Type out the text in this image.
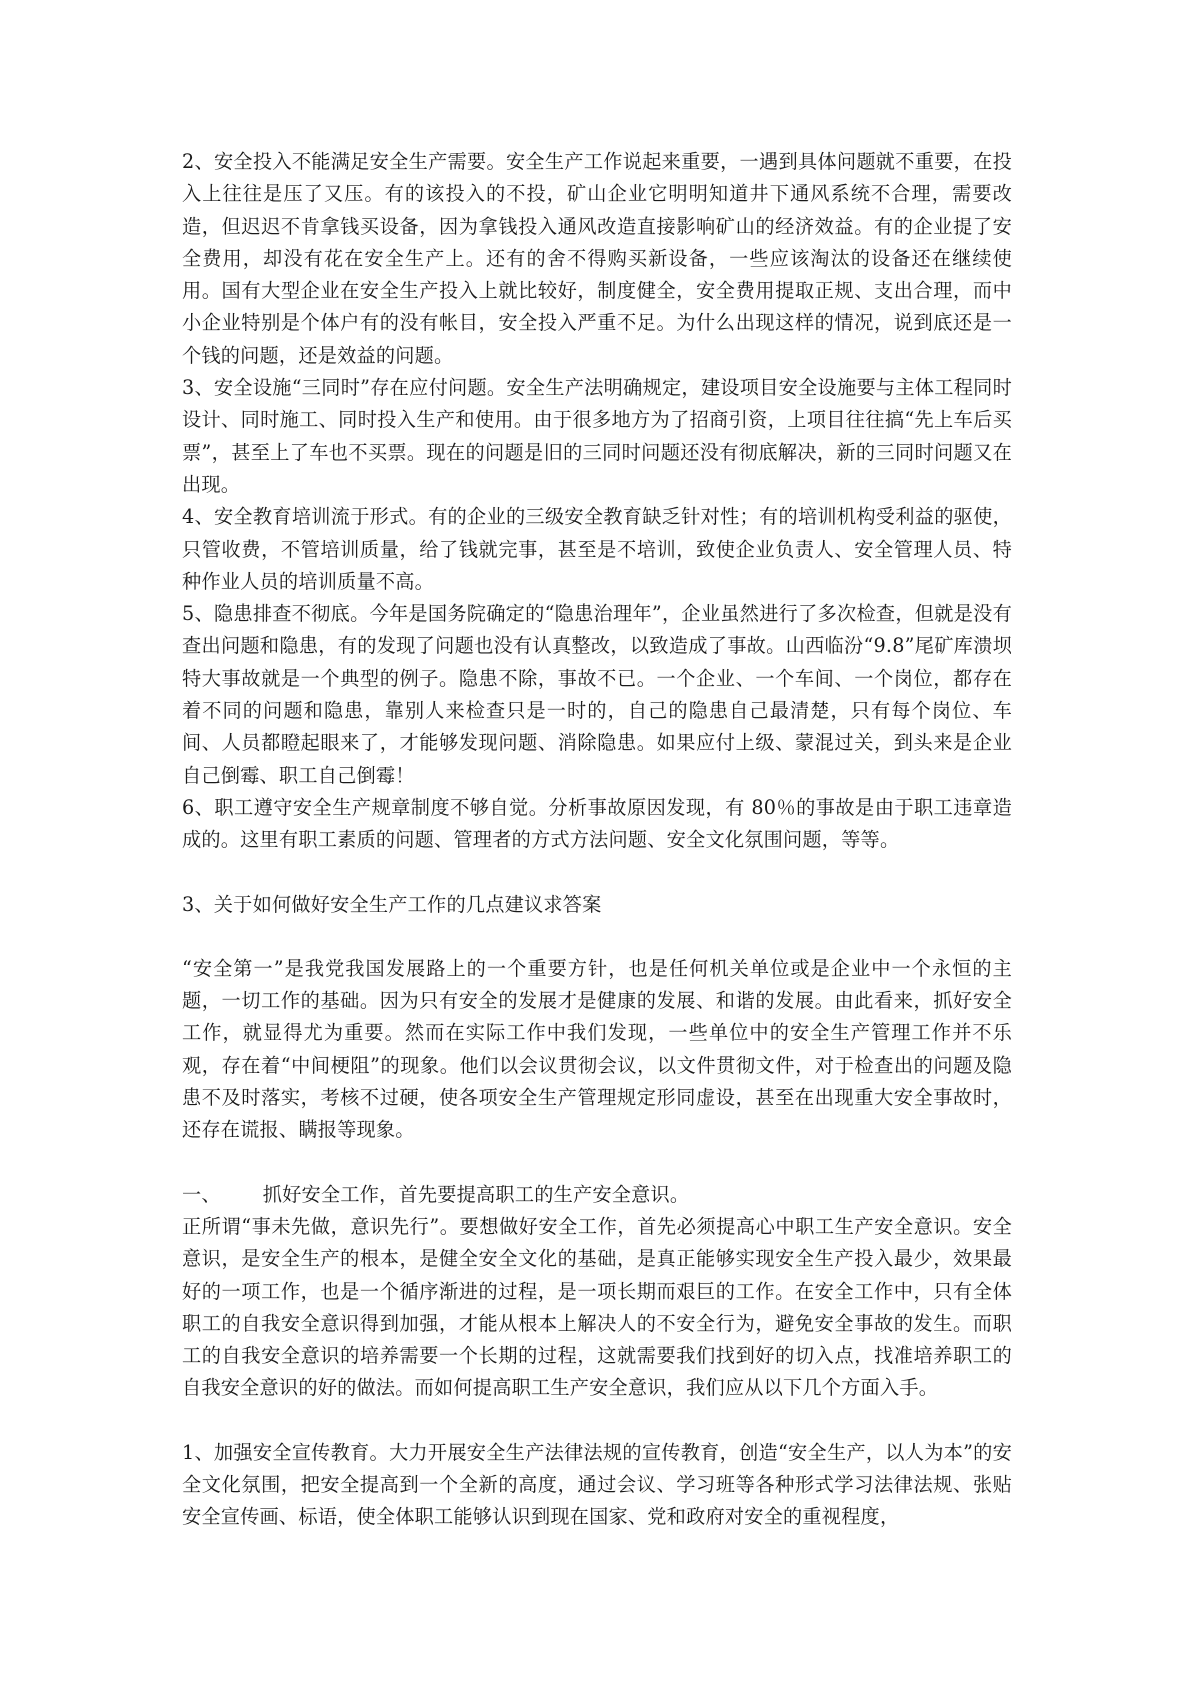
2、安全投入不能满足安全生产需要。安全生产工作说起来重要，一遇到具体问题就不重要，在投入上往往是压了又压。有的该投入的不投，矿山企业它明明知道井下通风系统不合理，需要改造，但迟迟不肯拿钱买设备，因为拿钱投入通风改造直接影响矿山的经济效益。有的企业提了安全费用，却没有花在安全生产上。还有的舍不得购买新设备，一些应该淘汰的设备还在继续使用。国有大型企业在安全生产投入上就比较好，制度健全，安全费用提取正规、支出合理，而中小企业特别是个体户有的没有帐目，安全投入严重不足。为什么出现这样的情况，说到底还是一个钱的问题，还是效益的问题。

3、安全设施“三同时”存在应付问题。安全生产法明确规定，建设项目安全设施要与主体工程同时设计、同时施工、同时投入生产和使用。由于很多地方为了招商引资，上项目往往搞“先上车后买票”，甚至上了车也不买票。现在的问题是旧的三同时问题还没有彻底解决，新的三同时问题又在出现。

4、安全教育培训流于形式。有的企业的三级安全教育缺乏针对性；有的培训机构受利益的驱使，只管收费，不管培训质量，给了钱就完事，甚至是不培训，致使企业负责人、安全管理人员、特种作业人员的培训质量不高。

5、隐患排查不彻底。今年是国务院确定的“隐患治理年”，企业虽然进行了多次检查，但就是没有查出问题和隐患，有的发现了问题也没有认真整改，以致造成了事故。山西临汾“9.8”尾矿库溃坝特大事故就是一个典型的例子。隐患不除，事故不已。一个企业、一个车间、一个岗位，都存在着不同的问题和隐患，靠别人来检查只是一时的，自己的隐患自己最清楚，只有每个岗位、车间、人员都瞪起眼来了，才能够发现问题、消除隐患。如果应付上级、蒙混过关，到头来是企业自己倒霉、职工自己倒霉！

6、职工遵守安全生产规章制度不够自觉。分析事故原因发现，有 80％的事故是由于职工违章造成的。这里有职工素质的问题、管理者的方式方法问题、安全文化氛围问题，等等。

3、关于如何做好安全生产工作的几点建议求答案

“安全第一”是我党我国发展路上的一个重要方针，也是任何机关单位或是企业中一个永恒的主题，一切工作的基础。因为只有安全的发展才是健康的发展、和谐的发展。由此看来，抓好安全工作，就显得尤为重要。然而在实际工作中我们发现，一些单位中的安全生产管理工作并不乐观，存在着“中间梗阻”的现象。他们以会议贯彻会议，以文件贯彻文件，对于检查出的问题及隐患不及时落实，考核不过硬，使各项安全生产管理规定形同虚设，甚至在出现重大安全事故时，还存在谎报、瞒报等现象。

一、 抓好安全工作，首先要提高职工的生产安全意识。

正所谓“事未先做，意识先行”。要想做好安全工作，首先必须提高心中职工生产安全意识。安全意识，是安全生产的根本，是健全安全文化的基础，是真正能够实现安全生产投入最少，效果最好的一项工作，也是一个循序渐进的过程，是一项长期而艰巨的工作。在安全工作中，只有全体职工的自我安全意识得到加强，才能从根本上解决人的不安全行为，避免安全事故的发生。而职工的自我安全意识的培养需要一个长期的过程，这就需要我们找到好的切入点，找准培养职工的自我安全意识的好的做法。而如何提高职工生产安全意识，我们应从以下几个方面入手。

1、加强安全宣传教育。大力开展安全生产法律法规的宣传教育，创造“安全生产，以人为本”的安全文化氛围，把安全提高到一个全新的高度，通过会议、学习班等各种形式学习法律法规、张贴安全宣传画、标语，使全体职工能够认识到现在国家、党和政府对安全的重视程度，
